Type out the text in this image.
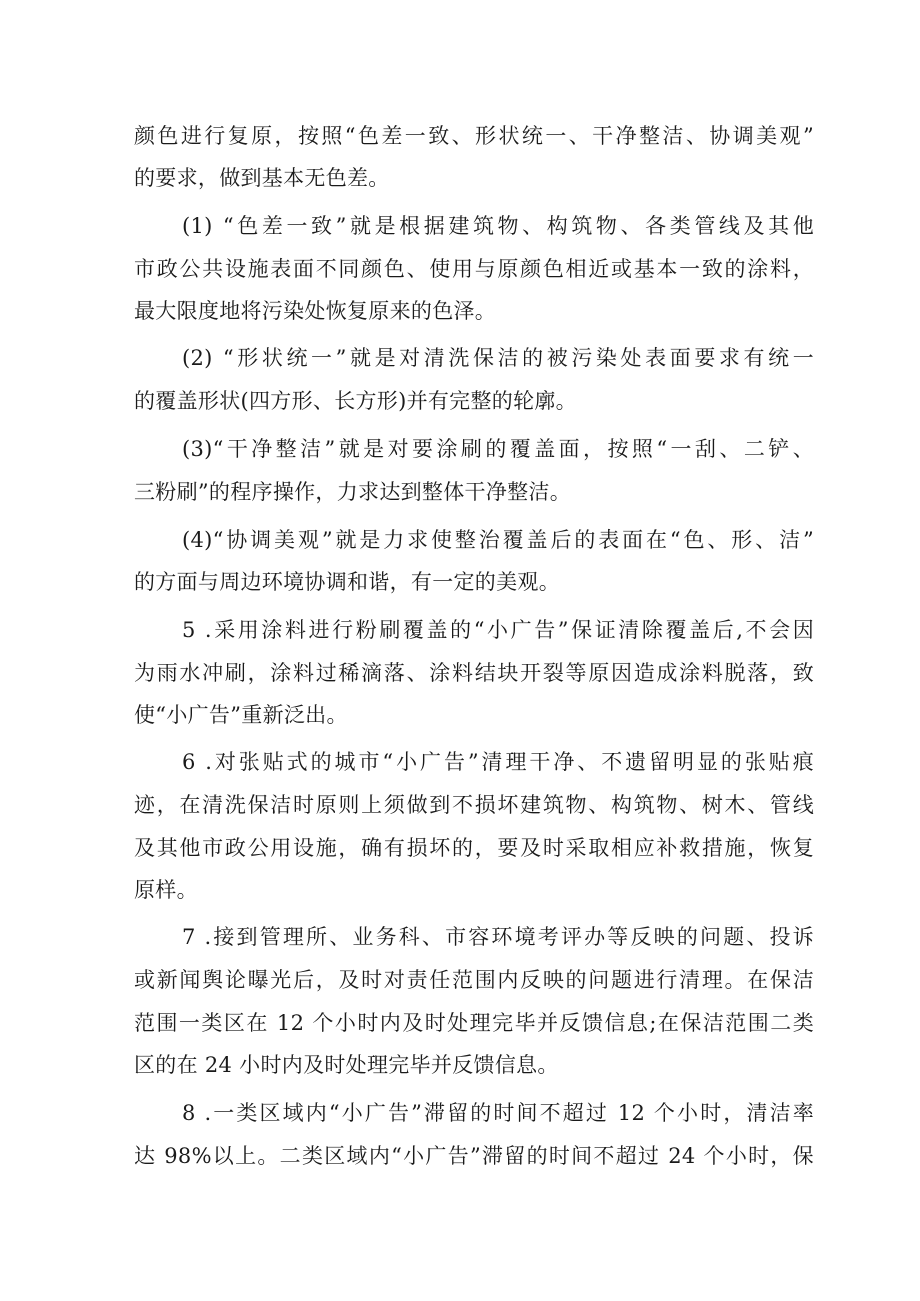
颜色进行复原，按照“色差一致、形状统一、干净整洁、协调美观”
的要求，做到基本无色差。
(1) “色差一致”就是根据建筑物、构筑物、各类管线及其他
市政公共设施表面不同颜色、使用与原颜色相近或基本一致的涂料，
最大限度地将污染处恢复原来的色泽。
(2) “形状统一”就是对清洗保洁的被污染处表面要求有统一
的覆盖形状(四方形、长方形)并有完整的轮廓。
(3)“干净整洁”就是对要涂刷的覆盖面，按照“一刮、二铲、
三粉刷”的程序操作，力求达到整体干净整洁。
(4)“协调美观”就是力求使整治覆盖后的表面在“色、形、洁”
的方面与周边环境协调和谐，有一定的美观。
5 .采用涂料进行粉刷覆盖的“小广告”保证清除覆盖后,不会因
为雨水冲刷，涂料过稀滴落、涂料结块开裂等原因造成涂料脱落，致
使“小广告”重新泛出。
6 .对张贴式的城市“小广告”清理干净、不遗留明显的张贴痕
迹，在清洗保洁时原则上须做到不损坏建筑物、构筑物、树木、管线
及其他市政公用设施，确有损坏的，要及时采取相应补救措施，恢复
原样。
7 .接到管理所、业务科、市容环境考评办等反映的问题、投诉
或新闻舆论曝光后，及时对责任范围内反映的问题进行清理。在保洁
范围一类区在 12 个小时内及时处理完毕并反馈信息;在保洁范围二类
区的在 24 小时内及时处理完毕并反馈信息。
8 .一类区域内“小广告”滞留的时间不超过 12 个小时，清洁率
达 98%以上。二类区域内“小广告”滞留的时间不超过 24 个小时，保
